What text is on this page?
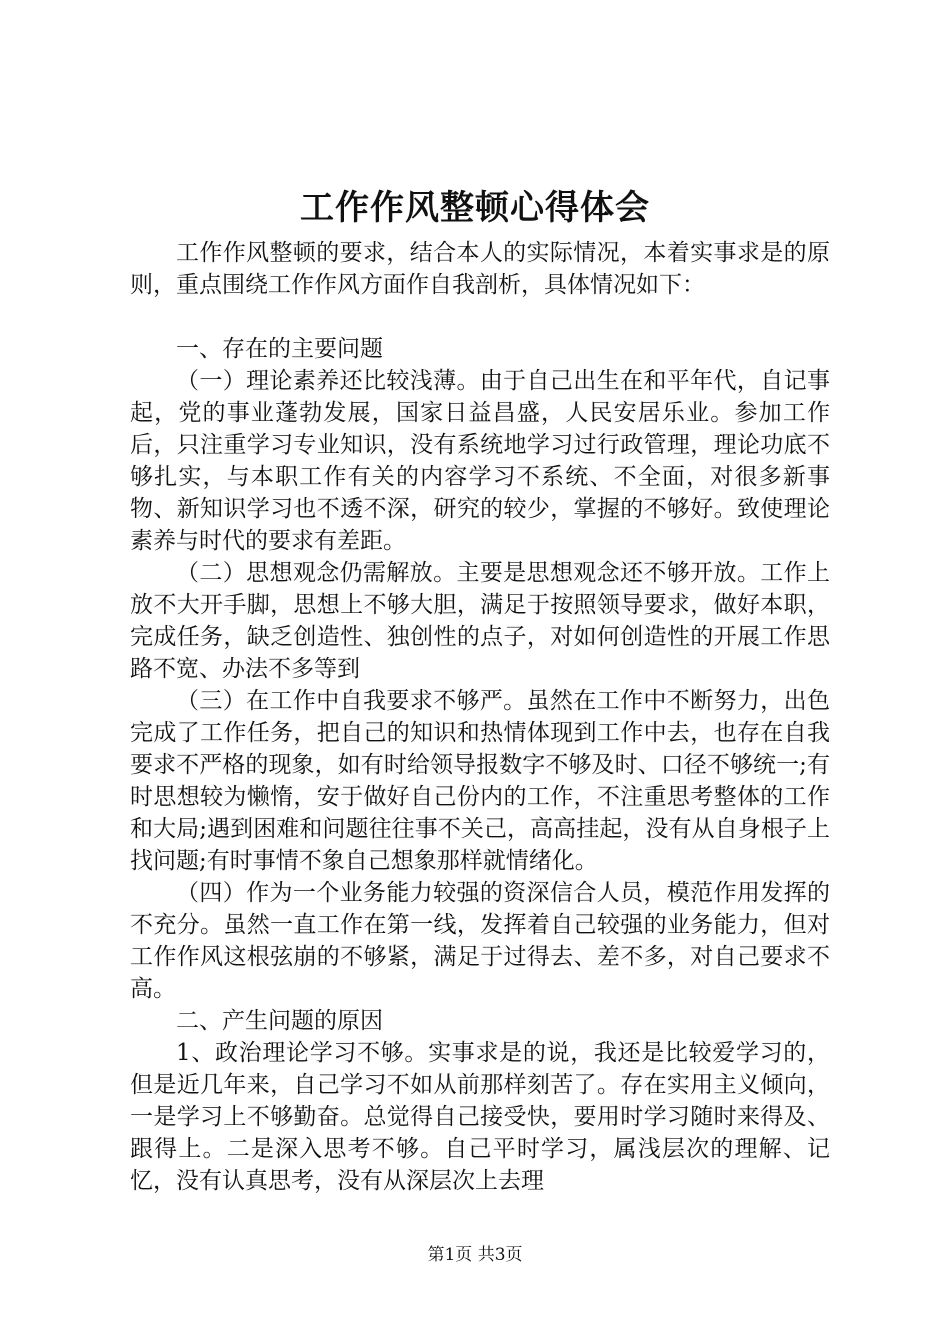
工作作风整顿心得体会

工作作风整顿的要求，结合本人的实际情况，本着实事求是的原则，重点围绕工作作风方面作自我剖析，具体情况如下：

一、存在的主要问题

（一）理论素养还比较浅薄。由于自己出生在和平年代，自记事起，党的事业蓬勃发展，国家日益昌盛，人民安居乐业。参加工作后，只注重学习专业知识，没有系统地学习过行政管理，理论功底不够扎实，与本职工作有关的内容学习不系统、不全面，对很多新事物、新知识学习也不透不深，研究的较少，掌握的不够好。致使理论素养与时代的要求有差距。

（二）思想观念仍需解放。主要是思想观念还不够开放。工作上放不大开手脚，思想上不够大胆，满足于按照领导要求，做好本职，完成任务，缺乏创造性、独创性的点子，对如何创造性的开展工作思路不宽、办法不多等到

（三）在工作中自我要求不够严。虽然在工作中不断努力，出色完成了工作任务，把自己的知识和热情体现到工作中去，也存在自我要求不严格的现象，如有时给领导报数字不够及时、口径不够统一;有时思想较为懒惰，安于做好自己份内的工作，不注重思考整体的工作和大局;遇到困难和问题往往事不关己，高高挂起，没有从自身根子上找问题;有时事情不象自己想象那样就情绪化。

（四）作为一个业务能力较强的资深信合人员，模范作用发挥的不充分。虽然一直工作在第一线，发挥着自己较强的业务能力，但对工作作风这根弦崩的不够紧，满足于过得去、差不多，对自己要求不高。

二、产生问题的原因

1、政治理论学习不够。实事求是的说，我还是比较爱学习的，但是近几年来，自己学习不如从前那样刻苦了。存在实用主义倾向，一是学习上不够勤奋。总觉得自己接受快，要用时学习随时来得及、跟得上。二是深入思考不够。自己平时学习，属浅层次的理解、记忆，没有认真思考，没有从深层次上去理

第1页 共3页
